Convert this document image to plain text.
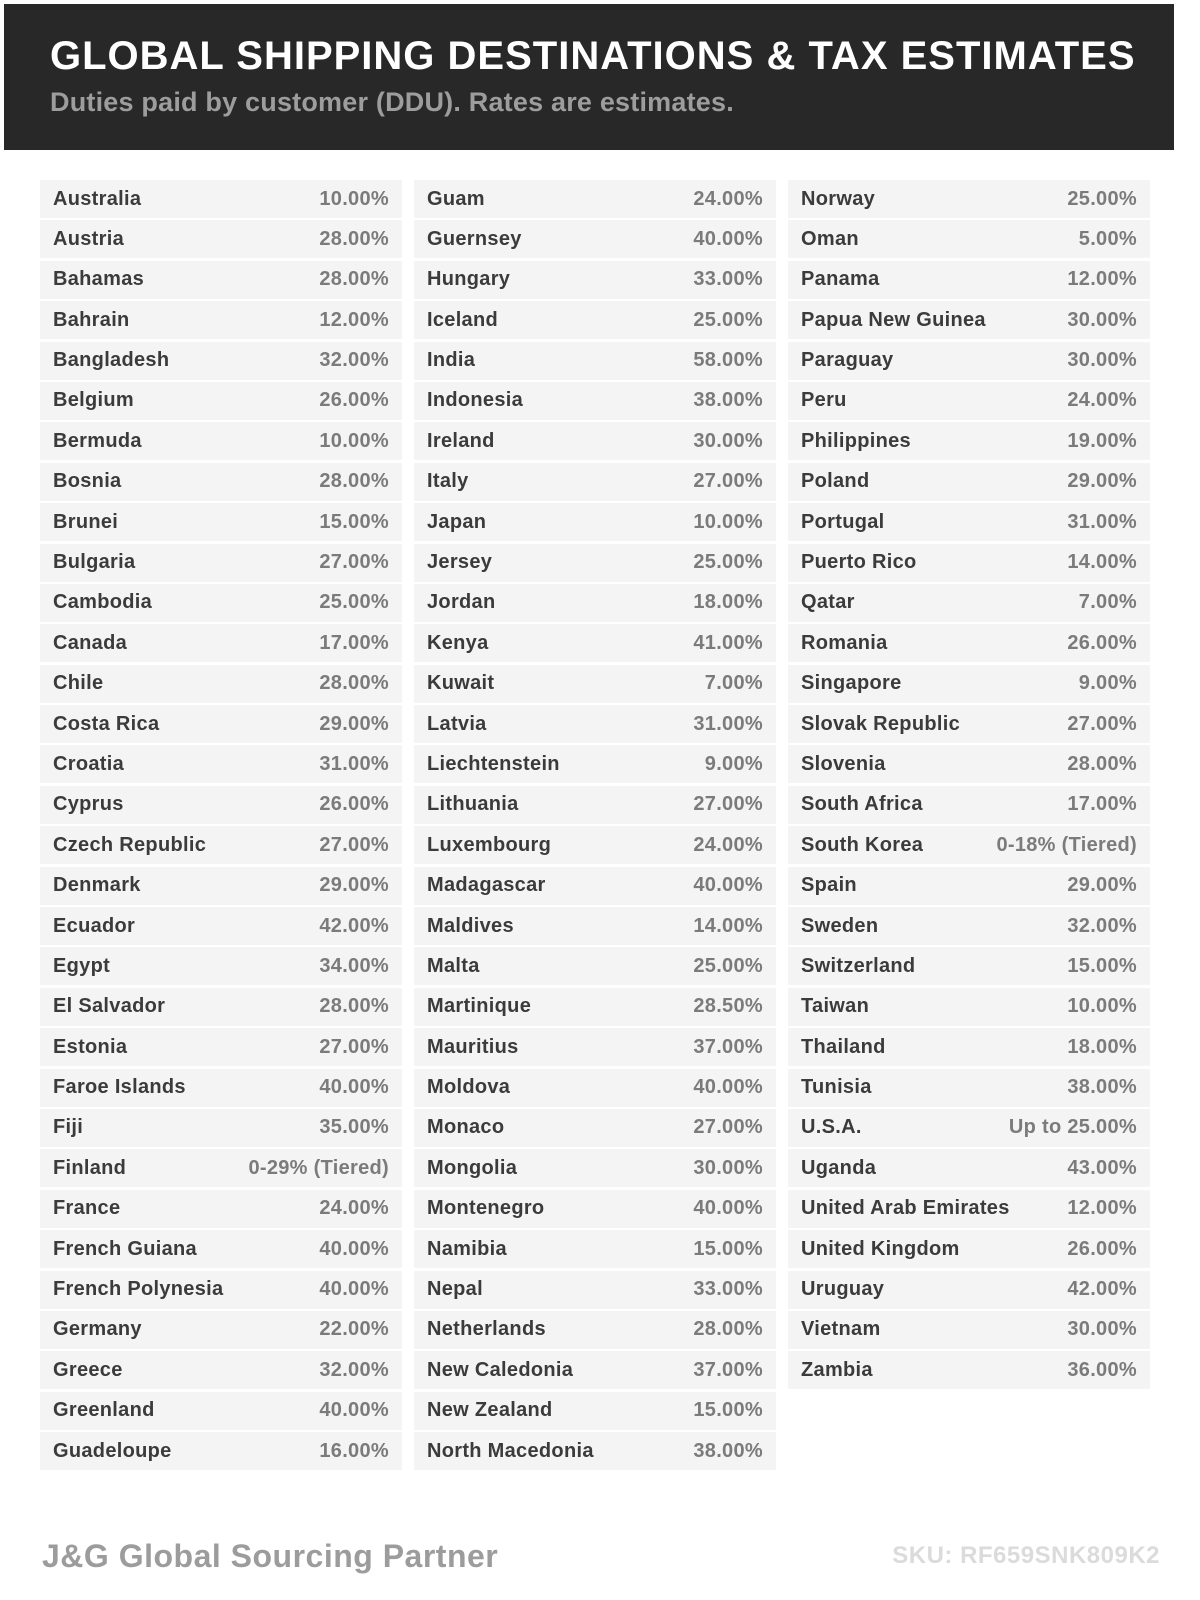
GLOBAL SHIPPING DESTINATIONS & TAX ESTIMATES

Duties paid by customer (DDU). Rates are estimates.

Australia	10.00%
Austria	28.00%
Bahamas	28.00%
Bahrain	12.00%
Bangladesh	32.00%
Belgium	26.00%
Bermuda	10.00%
Bosnia	28.00%
Brunei	15.00%
Bulgaria	27.00%
Cambodia	25.00%
Canada	17.00%
Chile	28.00%
Costa Rica	29.00%
Croatia	31.00%
Cyprus	26.00%
Czech Republic	27.00%
Denmark	29.00%
Ecuador	42.00%
Egypt	34.00%
El Salvador	28.00%
Estonia	27.00%
Faroe Islands	40.00%
Fiji	35.00%
Finland	0-29% (Tiered)
France	24.00%
French Guiana	40.00%
French Polynesia	40.00%
Germany	22.00%
Greece	32.00%
Greenland	40.00%
Guadeloupe	16.00%
Guam	24.00%
Guernsey	40.00%
Hungary	33.00%
Iceland	25.00%
India	58.00%
Indonesia	38.00%
Ireland	30.00%
Italy	27.00%
Japan	10.00%
Jersey	25.00%
Jordan	18.00%
Kenya	41.00%
Kuwait	7.00%
Latvia	31.00%
Liechtenstein	9.00%
Lithuania	27.00%
Luxembourg	24.00%
Madagascar	40.00%
Maldives	14.00%
Malta	25.00%
Martinique	28.50%
Mauritius	37.00%
Moldova	40.00%
Monaco	27.00%
Mongolia	30.00%
Montenegro	40.00%
Namibia	15.00%
Nepal	33.00%
Netherlands	28.00%
New Caledonia	37.00%
New Zealand	15.00%
North Macedonia	38.00%
Norway	25.00%
Oman	5.00%
Panama	12.00%
Papua New Guinea	30.00%
Paraguay	30.00%
Peru	24.00%
Philippines	19.00%
Poland	29.00%
Portugal	31.00%
Puerto Rico	14.00%
Qatar	7.00%
Romania	26.00%
Singapore	9.00%
Slovak Republic	27.00%
Slovenia	28.00%
South Africa	17.00%
South Korea	0-18% (Tiered)
Spain	29.00%
Sweden	32.00%
Switzerland	15.00%
Taiwan	10.00%
Thailand	18.00%
Tunisia	38.00%
U.S.A.	Up to 25.00%
Uganda	43.00%
United Arab Emirates	12.00%
United Kingdom	26.00%
Uruguay	42.00%
Vietnam	30.00%
Zambia	36.00%
J&G Global Sourcing Partner	SKU: RF659SNK809K2
